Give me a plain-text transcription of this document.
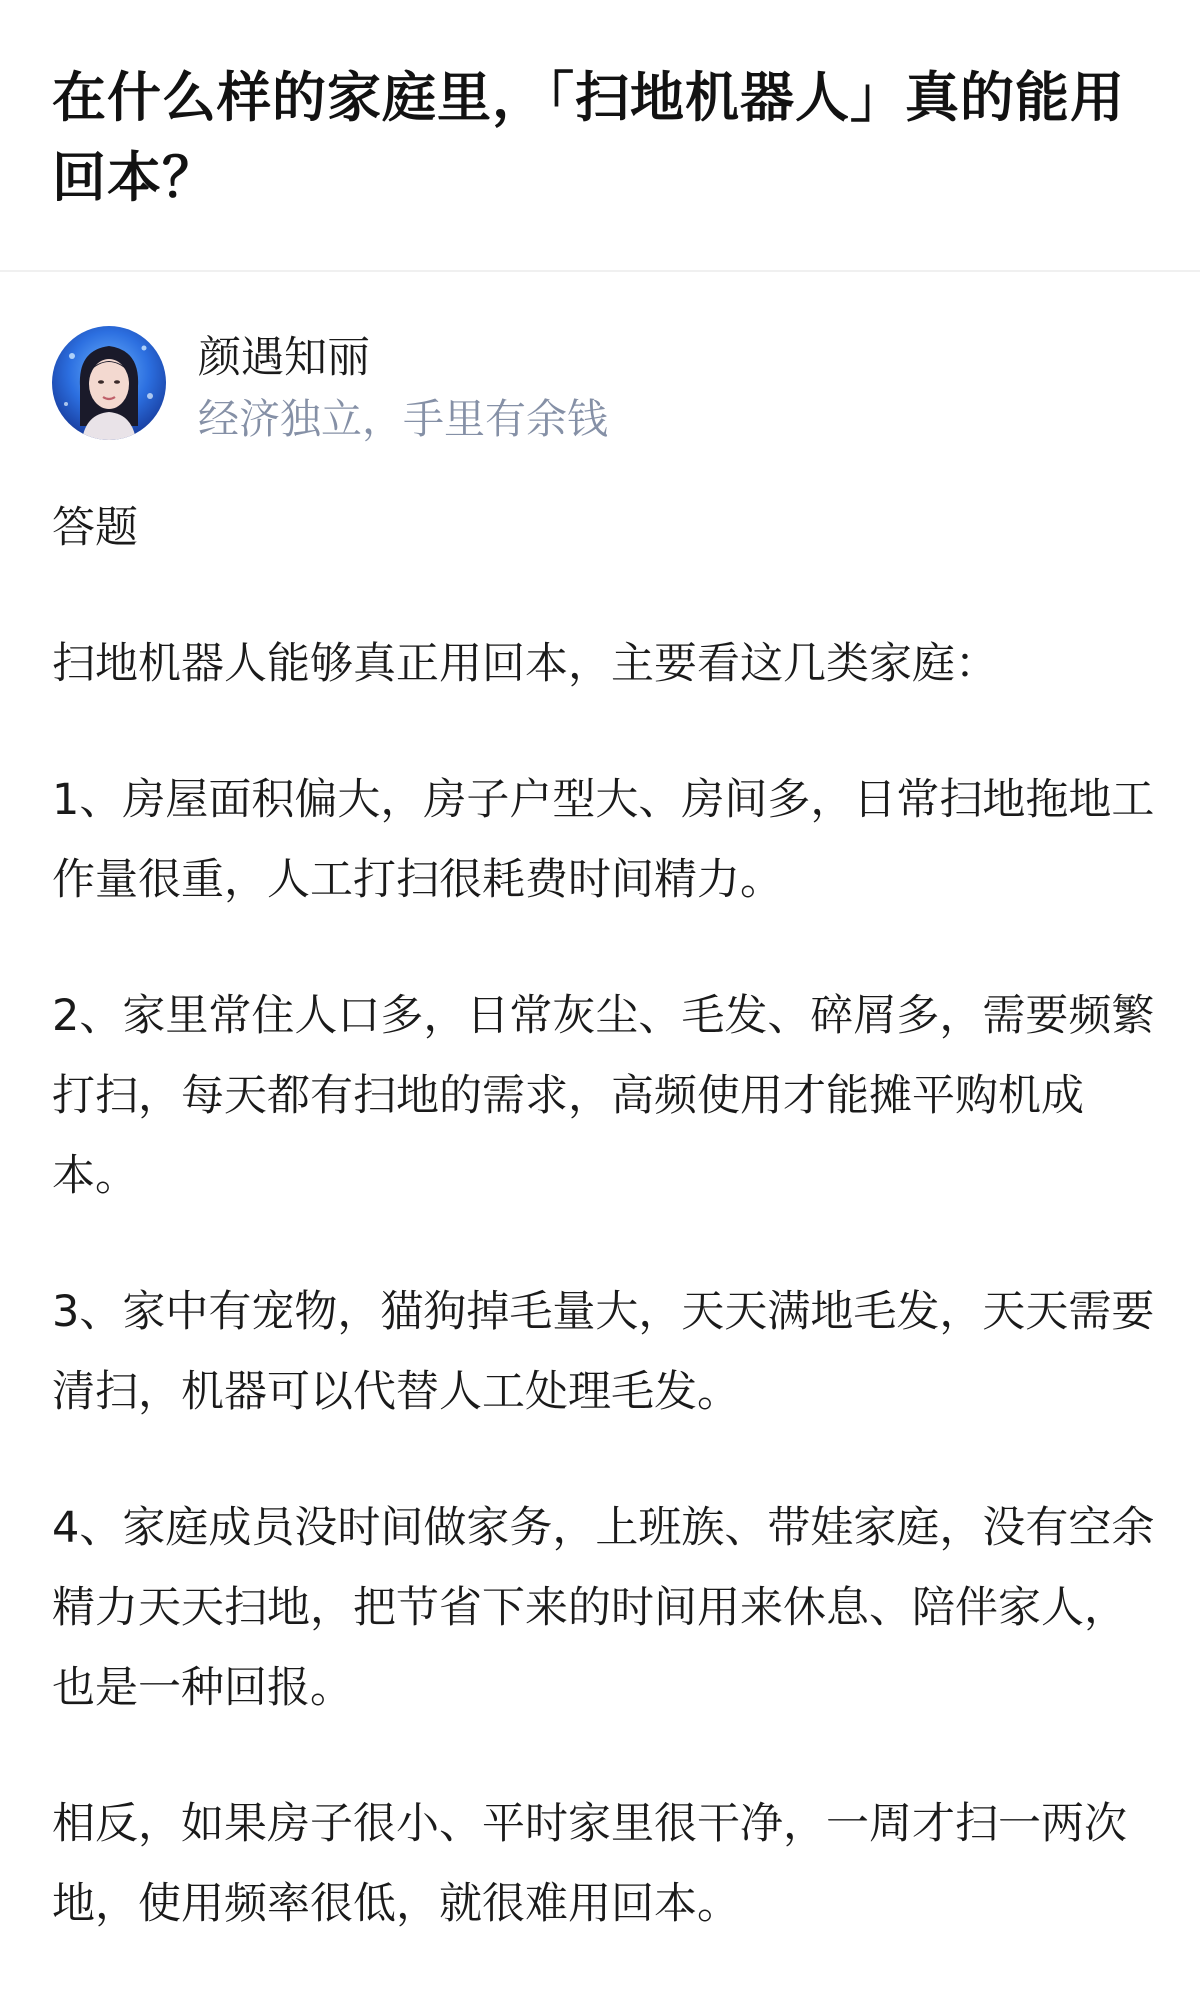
在什么样的家庭里，「扫地机器人」真的能用回本？
颜遇知丽
经济独立，手里有余钱

答题

扫地机器人能够真正用回本，主要看这几类家庭：

1、房屋面积偏大，房子户型大、房间多，日常扫地拖地工作量很重，人工打扫很耗费时间精力。

2、家里常住人口多，日常灰尘、毛发、碎屑多，需要频繁打扫，每天都有扫地的需求，高频使用才能摊平购机成本。

3、家中有宠物，猫狗掉毛量大，天天满地毛发，天天需要清扫，机器可以代替人工处理毛发。

4、家庭成员没时间做家务，上班族、带娃家庭，没有空余精力天天扫地，把节省下来的时间用来休息、陪伴家人，也是一种回报。

相反，如果房子很小、平时家里很干净，一周才扫一两次地，使用频率很低，就很难用回本。
